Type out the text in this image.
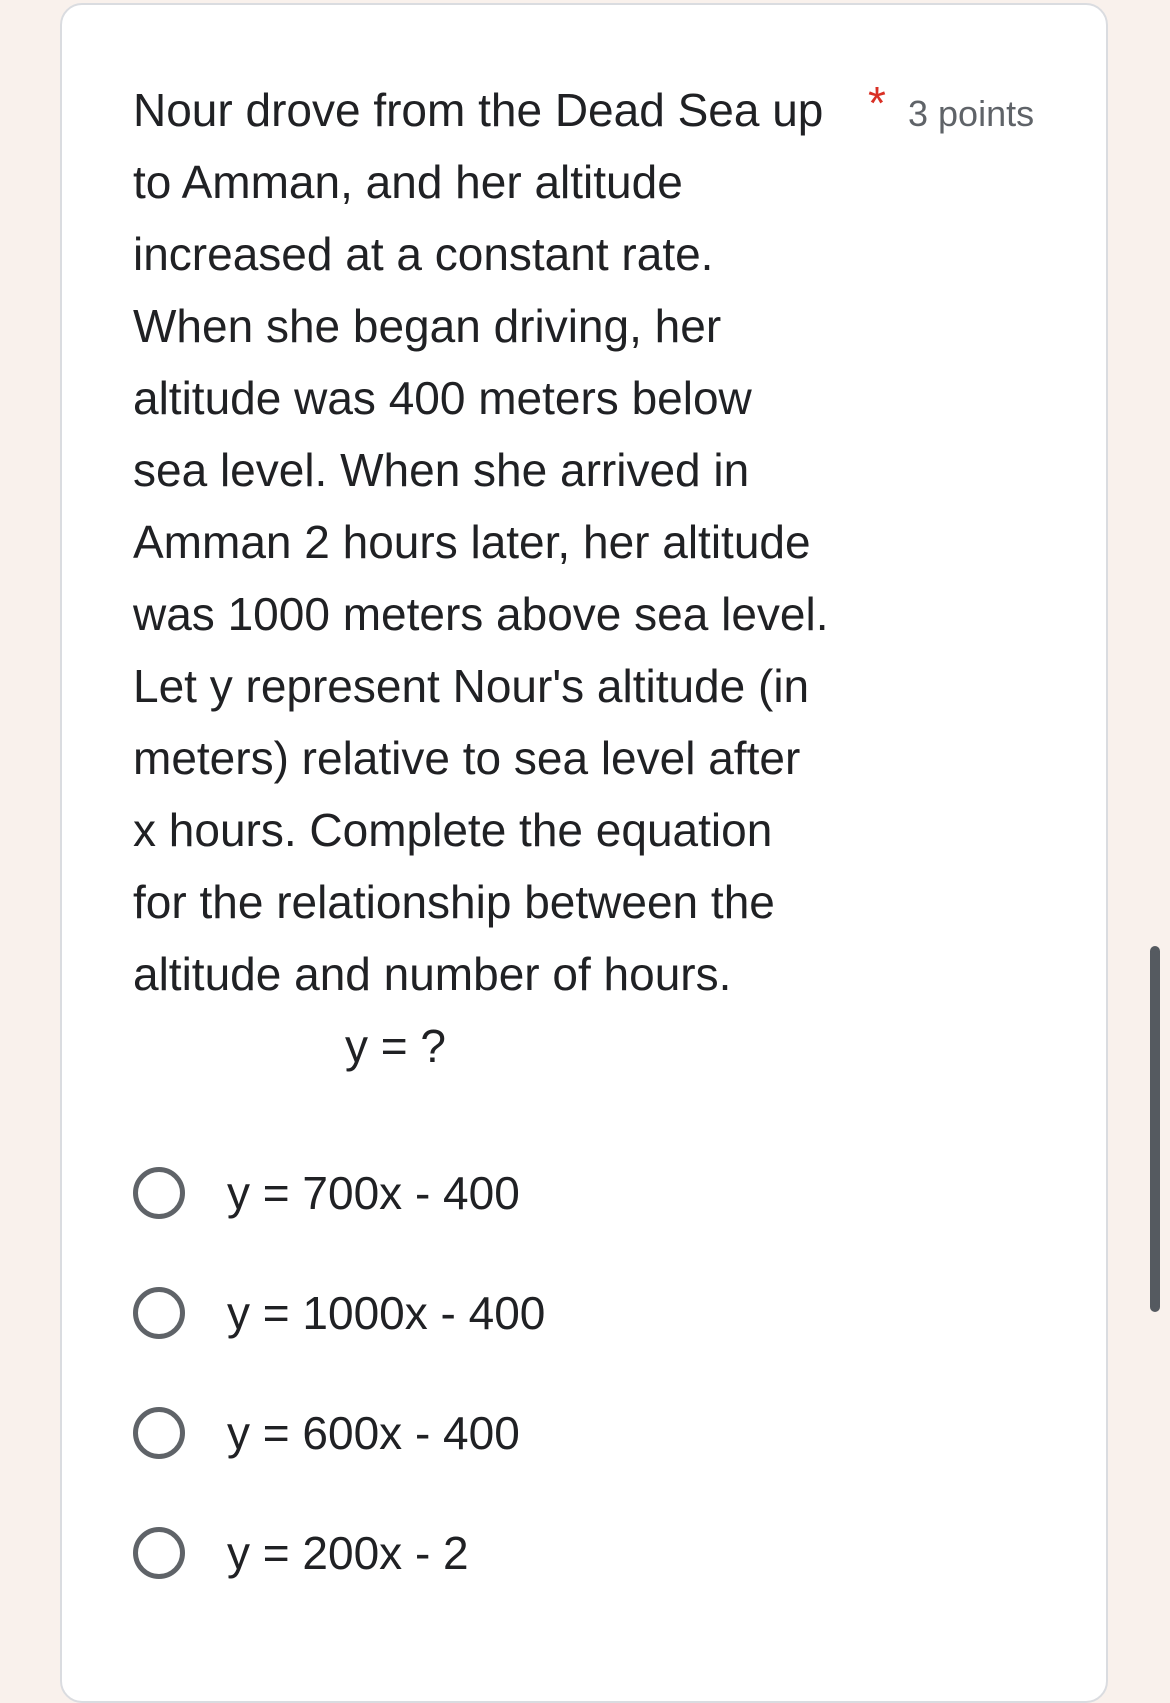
Nour drove from the Dead Sea up
to Amman, and her altitude
increased at a constant rate.
When she began driving, her
altitude was 400 meters below
sea level. When she arrived in
Amman 2 hours later, her altitude
was 1000 meters above sea level.
Let y represent Nour's altitude (in
meters) relative to sea level after
x hours. Complete the equation
for the relationship between the
altitude and number of hours.
* 3 points
y = ?
y = 700x - 400
y = 1000x - 400
y = 600x - 400
y = 200x - 2
